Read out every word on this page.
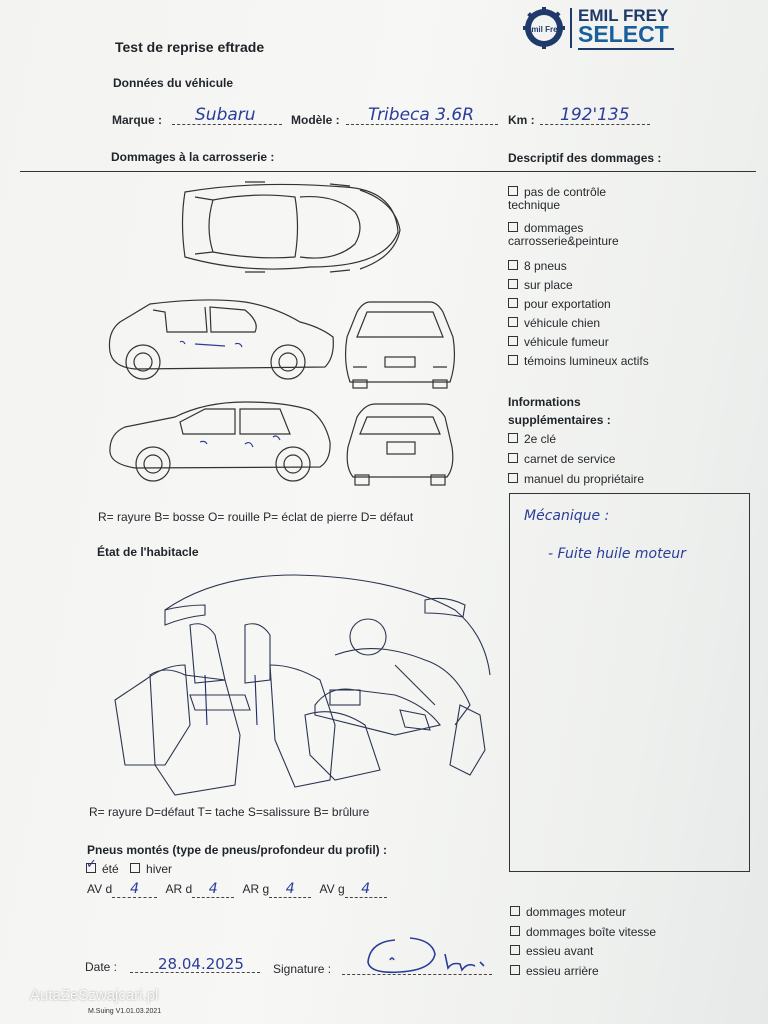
Test de reprise eftrade
Emil Frey
EMIL FREY
SELECT
Données du véhicule
Marque : Subaru	Modèle : Tribeca 3.6R	Km : 192'135
Dommages à la carrosserie :	Descriptif des dommages :
R= rayure B= bosse O= rouille P= éclat de pierre D= défaut
pas de contrôle
technique
dommages
carrosserie&peinture
8 pneus
sur place
pour exportation
véhicule chien
véhicule fumeur
témoins lumineux actifs
Informations
supplémentaires :
2e clé
carnet de service
manuel du propriétaire
Mécanique :
- Fuite huile moteur
État de l'habitacle
R= rayure D=défaut T= tache S=salissure B= brûlure
Pneus montés (type de pneus/profondeur du profil) :
✓ été hiver
AV d 4 AR d 4 AR g 4 AV g 4
dommages moteur
dommages boîte vitesse
essieu avant
essieu arrière
Date :	28.04.2025 Signature :
M.Suing V1.01.03.2021
AutaZeSzwajcari.pl
